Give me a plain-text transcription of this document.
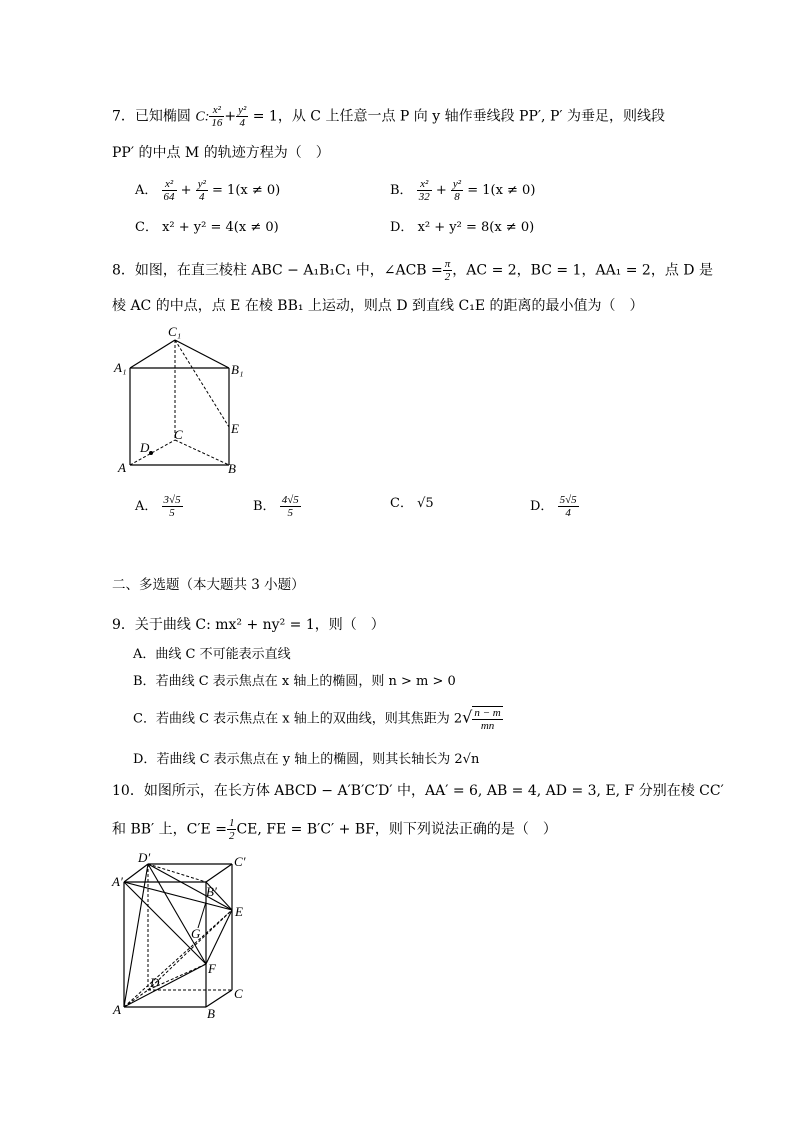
7．已知椭圆 C: $\frac{\text{x²}}{16} + \frac{\text{y²}}{4} = 1$，从 C 上任意一点 P 向 y 轴作垂线段 PP′, P′ 为垂足，则线段
PP′ 的中点 M 的轨迹方程为（　）
A． $\frac{\text{x²}}{64} + \frac{\text{y²}}{4} = 1(x \ne 0)$	B． $\frac{\text{x²}}{32} + \frac{\text{y²}}{8} = 1(x \ne 0)$
C． x² + y² = 4(x ≠ 0)	D． x² + y² = 8(x ≠ 0)
8．如图，在直三棱柱 ABC − A₁B₁C₁ 中，∠ACB = $\frac{\pi}{2}$ ，AC = 2，BC = 1，AA₁ = 2，点 D 是
棱 AC 的中点，点 E 在棱 BB₁ 上运动，则点 D 到直线 C₁E 的距离的最小值为（　）
C₁
A₁	B₁
E
D
C
A	B
A． $\frac{3√5}{5}$	B． $\frac{4√5}{5}$	C． √5	D． $\frac{5√5}{4}$
二、多选题（本大题共 3 小题）
9．关于曲线 C: mx² + ny² = 1，则（　）
A．曲线 C 不可能表示直线
B．若曲线 C 表示焦点在 x 轴上的椭圆，则 n > m > 0
C．若曲线 C 表示焦点在 x 轴上的双曲线，则其焦距为 $2√ \frac{n - m}{mn}$
D．若曲线 C 表示焦点在 y 轴上的椭圆，则其长轴长为 2√n
10．如图所示，在长方体 ABCD − A′B′C′D′ 中，AA′ = 6, AB = 4, AD = 3, E, F 分别在棱 CC′
和 BB′ 上，$C'E = \frac{1}{2}$ CE, FE = B′C′ + BF，则下列说法正确的是（　）
D′	C′
A′
B′
E
G
F
D
C
A	B
